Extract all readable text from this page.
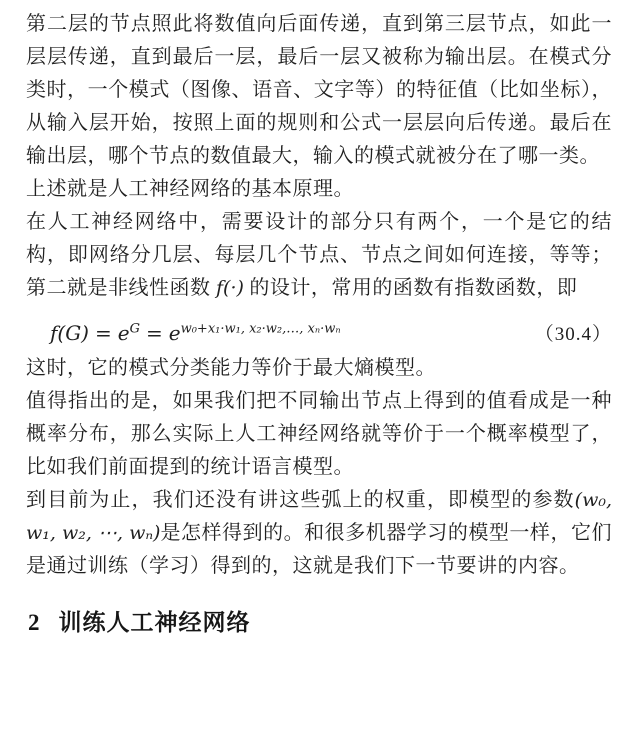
第二层的节点照此将数值向后面传递，直到第三层节点，如此一层层传递，直到最后一层，最后一层又被称为输出层。在模式分类时，一个模式（图像、语音、文字等）的特征值（比如坐标），从输入层开始，按照上面的规则和公式一层层向后传递。最后在输出层，哪个节点的数值最大，输入的模式就被分在了哪一类。

上述就是人工神经网络的基本原理。

在人工神经网络中，需要设计的部分只有两个，一个是它的结构，即网络分几层、每层几个节点、节点之间如何连接，等等；第二就是非线性函数 f(·) 的设计，常用的函数有指数函数，即

$f(G) = e^G = e^{w_0+x_1\cdot w_1, x_2\cdot w_2,\dots, x_n\cdot w_n}$	（30.4）

这时，它的模式分类能力等价于最大熵模型。

值得指出的是，如果我们把不同输出节点上得到的值看成是一种概率分布，那么实际上人工神经网络就等价于一个概率模型了，比如我们前面提到的统计语言模型。

到目前为止，我们还没有讲这些弧上的权重，即模型的参数(w₀, w₁, w₂, ⋯, wₙ)是怎样得到的。和很多机器学习的模型一样，它们是通过训练（学习）得到的，这就是我们下一节要讲的内容。

2 训练人工神经网络
